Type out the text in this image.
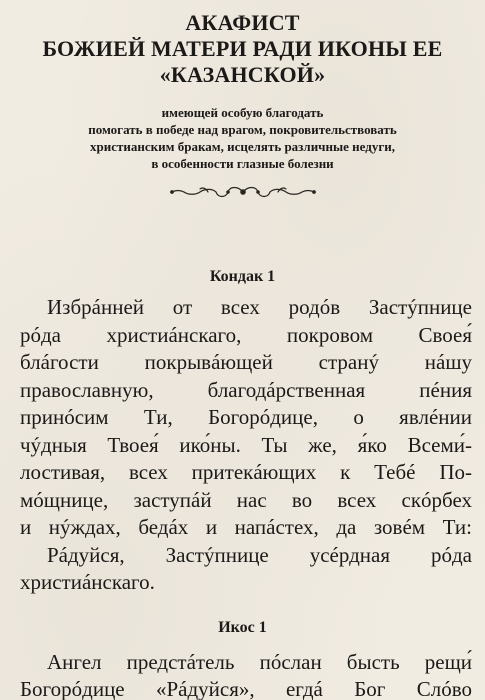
АКАФИСТ
БОЖИЕЙ МАТЕРИ РАДИ ИКОНЫ ЕЕ
«КАЗАНСКОЙ»
имеющей особую благодать
помогать в победе над врагом, покровительствовать
христианским бракам, исцелять различные недуги,
в особенности глазные болезни
Кондак 1
Избрáнней от всех родóв Застýпнице
рóда христиáнскаго, покровом Своея́
блáгости покрывáющей странý нáшу
православную, благодáрственная пéния
принóсим Ти, Богорóдице, о явлéнии
чýдныя Твоея́ ико́ны. Ты же, я́ко Всеми́-
лостивая, всех притекáющих к Тебé По-
мóщнице, заступáй нас во всех скóрбех
и нýждах, бедáх и напáстех, да зовéм Ти:
Рáдуйся, Застýпнице усéрдная рóда
христиáнскаго.
Икос 1
Ангел предстáтель пóслан бысть рещи́
Богорóдице «Рáдуйся», егдá Бог Слóво
